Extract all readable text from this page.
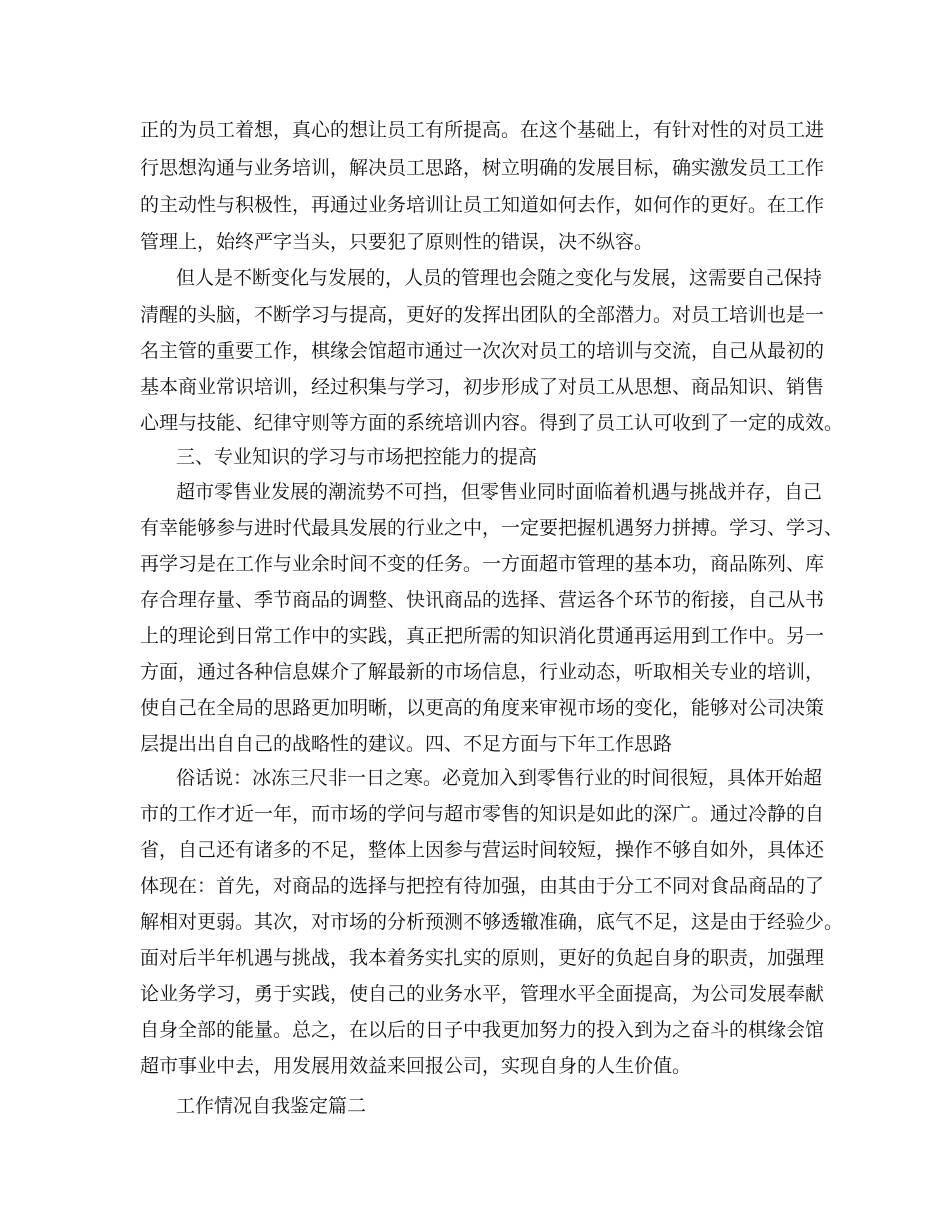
正的为员工着想，真心的想让员工有所提高。在这个基础上，有针对性的对员工进
行思想沟通与业务培训，解决员工思路，树立明确的发展目标，确实激发员工工作
的主动性与积极性，再通过业务培训让员工知道如何去作，如何作的更好。在工作
管理上，始终严字当头，只要犯了原则性的错误，决不纵容。
但人是不断变化与发展的，人员的管理也会随之变化与发展，这需要自己保持
清醒的头脑，不断学习与提高，更好的发挥出团队的全部潜力。对员工培训也是一
名主管的重要工作，棋缘会馆超市通过一次次对员工的培训与交流，自己从最初的
基本商业常识培训，经过积集与学习，初步形成了对员工从思想、商品知识、销售
心理与技能、纪律守则等方面的系统培训内容。得到了员工认可收到了一定的成效。
三、专业知识的学习与市场把控能力的提高
超市零售业发展的潮流势不可挡，但零售业同时面临着机遇与挑战并存，自己
有幸能够参与进时代最具发展的行业之中，一定要把握机遇努力拼搏。学习、学习、
再学习是在工作与业余时间不变的任务。一方面超市管理的基本功，商品陈列、库
存合理存量、季节商品的调整、快讯商品的选择、营运各个环节的衔接，自己从书
上的理论到日常工作中的实践，真正把所需的知识消化贯通再运用到工作中。另一
方面，通过各种信息媒介了解最新的市场信息，行业动态，听取相关专业的培训，
使自己在全局的思路更加明晰，以更高的角度来审视市场的变化，能够对公司决策
层提出出自自己的战略性的建议。四、不足方面与下年工作思路
俗话说：冰冻三尺非一日之寒。必竟加入到零售行业的时间很短，具体开始超
市的工作才近一年，而市场的学问与超市零售的知识是如此的深广。通过冷静的自
省，自己还有诸多的不足，整体上因参与营运时间较短，操作不够自如外，具体还
体现在：首先，对商品的选择与把控有待加强，由其由于分工不同对食品商品的了
解相对更弱。其次，对市场的分析预测不够透辙准确，底气不足，这是由于经验少。
面对后半年机遇与挑战，我本着务实扎实的原则，更好的负起自身的职责，加强理
论业务学习，勇于实践，使自己的业务水平，管理水平全面提高，为公司发展奉献
自身全部的能量。总之，在以后的日子中我更加努力的投入到为之奋斗的棋缘会馆
超市事业中去，用发展用效益来回报公司，实现自身的人生价值。
工作情况自我鉴定篇二
